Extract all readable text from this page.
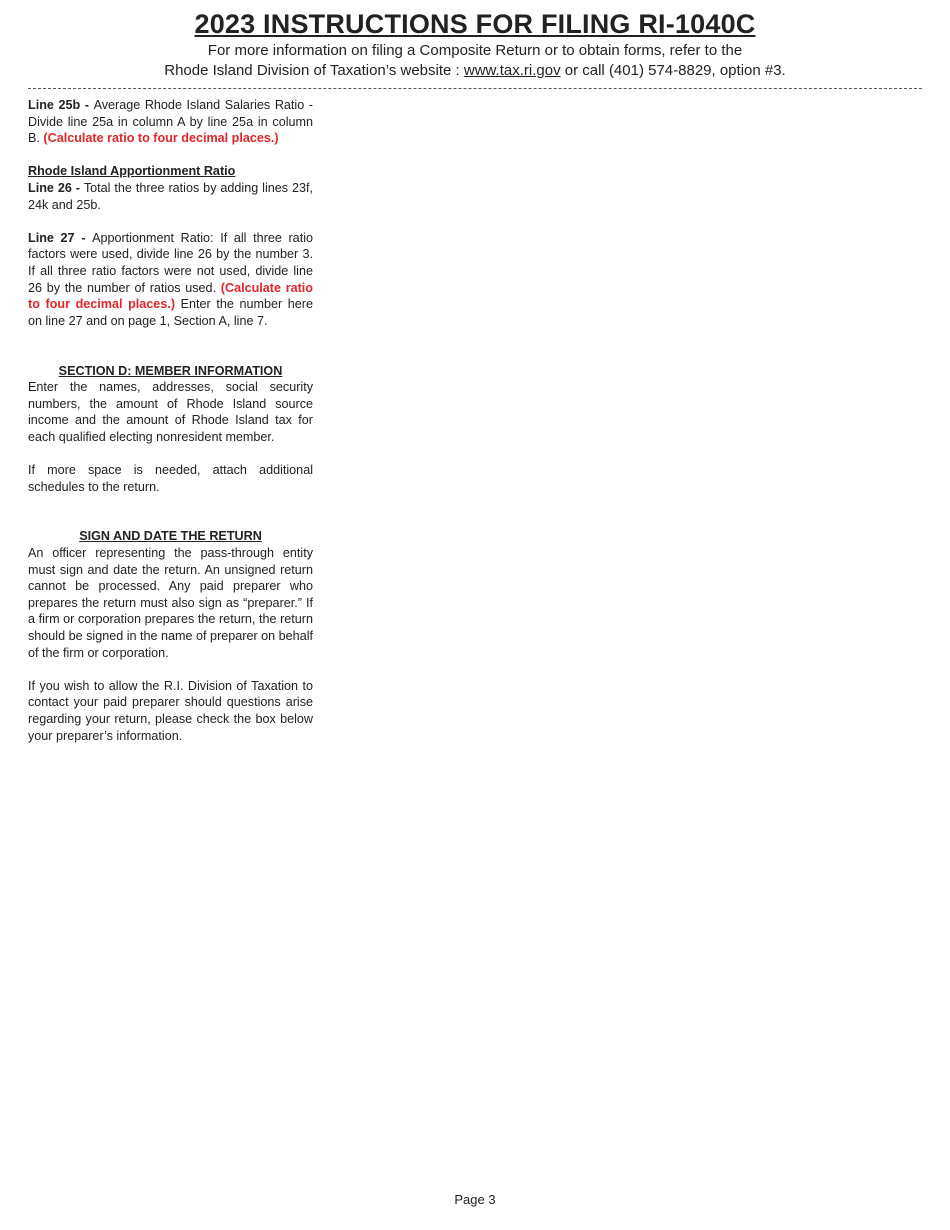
2023 INSTRUCTIONS FOR FILING RI-1040C

For more information on filing a Composite Return or to obtain forms, refer to the

Rhode Island Division of Taxation’s website : www.tax.ri.gov or call (401) 574-8829, option #3.

Line 25b - Average Rhode Island Salaries Ratio - Divide line 25a in column A by line 25a in column B. (Calculate ratio to four decimal places.)

Rhode Island Apportionment Ratio

Line 26 - Total the three ratios by adding lines 23f, 24k and 25b.

Line 27 - Apportionment Ratio: If all three ratio factors were used, divide line 26 by the number 3. If all three ratio factors were not used, divide line 26 by the number of ratios used. (Calculate ratio to four decimal places.) Enter the number here on line 27 and on page 1, Section A, line 7.

SECTION D: MEMBER INFORMATION

Enter the names, addresses, social security numbers, the amount of Rhode Island source income and the amount of Rhode Island tax for each qualified electing nonresident member.

If more space is needed, attach additional schedules to the return.

SIGN AND DATE THE RETURN

An officer representing the pass-through entity must sign and date the return. An unsigned return cannot be processed. Any paid preparer who prepares the return must also sign as “preparer.” If a firm or corporation prepares the return, the return should be signed in the name of preparer on behalf of the firm or corporation.

If you wish to allow the R.I. Division of Taxation to contact your paid preparer should questions arise regarding your return, please check the box below your preparer’s information.

Page 3
